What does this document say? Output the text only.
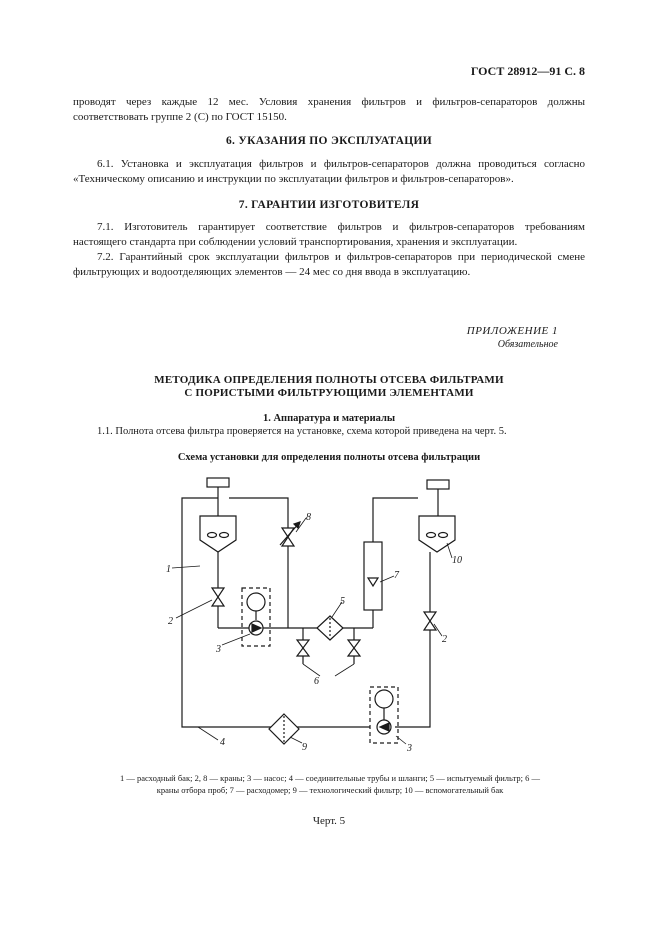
ГОСТ 28912—91 С. 8

проводят через каждые 12 мес. Условия хранения фильтров и фильтров-сепараторов должны соответствовать группе 2 (С) по ГОСТ 15150.

6. УКАЗАНИЯ ПО ЭКСПЛУАТАЦИИ

6.1. Установка и эксплуатация фильтров и фильтров-сепараторов должна проводиться согласно «Техническому описанию и инструкции по эксплуатации фильтров и фильтров-сепараторов».

7. ГАРАНТИИ ИЗГОТОВИТЕЛЯ

7.1. Изготовитель гарантирует соответствие фильтров и фильтров-сепараторов требованиям настоящего стандарта при соблюдении условий транспортирования, хранения и эксплуатации.

7.2. Гарантийный срок эксплуатации фильтров и фильтров-сепараторов при периодической смене фильтрующих и водоотделяющих элементов — 24 мес со дня ввода в эксплуатацию.

ПРИЛОЖЕНИЕ 1
Обязательное
МЕТОДИКА ОПРЕДЕЛЕНИЯ ПОЛНОТЫ ОТСЕВА ФИЛЬТРАМИ
С ПОРИСТЫМИ ФИЛЬТРУЮЩИМИ ЭЛЕМЕНТАМИ
1. Аппаратура и материалы

1.1. Полнота отсева фильтра проверяется на установке, схема которой приведена на черт. 5.

Схема установки для определения полноты отсева фильтрации
1
2
3
4
5
6
7
8
9
10
2
3

1 — расходный бак; 2, 8 — краны; 3 — насос; 4 — соединительные трубы и шланги; 5 — испытуемый фильтр; 6 — краны отбора проб; 7 — расходомер; 9 — технологический фильтр; 10 — вспомогательный бак

Черт. 5
